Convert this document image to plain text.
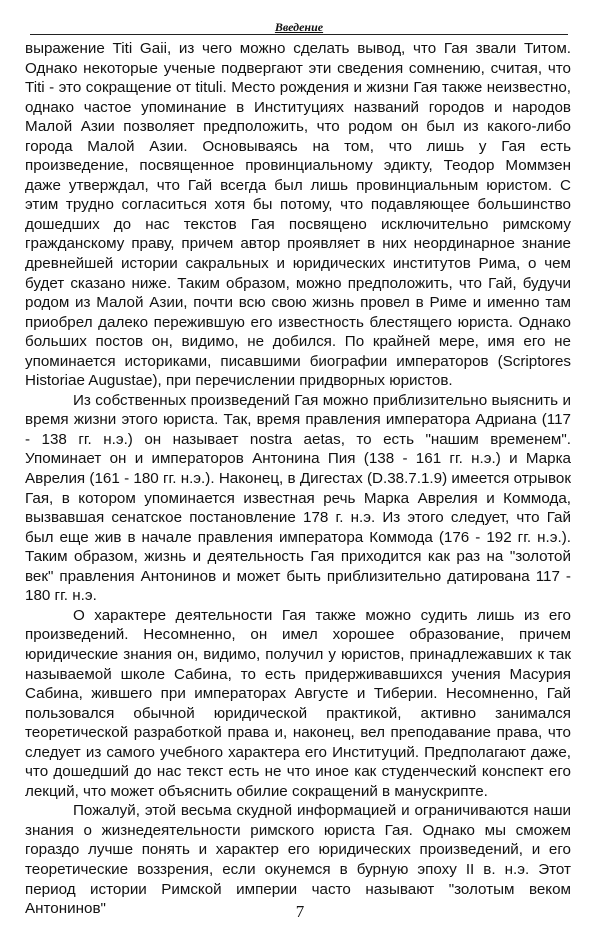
$_{Введение}$

выражение Titi Gaii, из чего можно сделать вывод, что Гая звали Титом. Однако некоторые ученые подвергают эти сведения сомнению, считая, что Titi - это сокращение от tituli. Место рождения и жизни Гая также неизвестно, однако частое упоминание в Институциях названий городов и народов Малой Азии позволяет предположить, что родом он был из какого-либо города Малой Азии. Основываясь на том, что лишь у Гая есть произведение, посвященное провинциальному эдикту, Теодор Моммзен даже утверждал, что Гай всегда был лишь провинциальным юристом. С этим трудно согласиться хотя бы потому, что подавляющее большинство дошедших до нас текстов Гая посвящено исключительно римскому гражданскому праву, причем автор проявляет в них неординарное знание древнейшей истории сакральных и юридических институтов Рима, о чем будет сказано ниже. Таким образом, можно предположить, что Гай, будучи родом из Малой Азии, почти всю свою жизнь провел в Риме и именно там приобрел далеко пережившую его известность блестящего юриста. Однако больших постов он, видимо, не добился. По крайней мере, имя его не упоминается историками, писавшими биографии императоров (Scriptores Historiae Augustae), при перечислении придворных юристов.

Из собственных произведений Гая можно приблизительно выяснить и время жизни этого юриста. Так, время правления императора Адриана (117 - 138 гг. н.э.) он называет nostra aetas, то есть "нашим временем". Упоминает он и императоров Антонина Пия (138 - 161 гг. н.э.) и Марка Аврелия (161 - 180 гг. н.э.). Наконец, в Дигестах (D.38.7.1.9) имеется отрывок Гая, в котором упоминается известная речь Марка Аврелия и Коммода, вызвавшая сенатское постановление 178 г. н.э. Из этого следует, что Гай был еще жив в начале правления императора Коммода (176 - 192 гг. н.э.). Таким образом, жизнь и деятельность Гая приходится как раз на "золотой век" правления Антонинов и может быть приблизительно датирована 117 - 180 гг. н.э.

О характере деятельности Гая также можно судить лишь из его произведений. Несомненно, он имел хорошее образование, причем юридические знания он, видимо, получил у юристов, принадлежавших к так называемой школе Сабина, то есть придерживавшихся учения Масурия Сабина, жившего при императорах Августе и Тиберии. Несомненно, Гай пользовался обычной юридической практикой, активно занимался теоретической разработкой права и, наконец, вел преподавание права, что следует из самого учебного характера его Институций. Предполагают даже, что дошедший до нас текст есть не что иное как студенческий конспект его лекций, что может объяснить обилие сокращений в манускрипте.

Пожалуй, этой весьма скудной информацией и ограничиваются наши знания о жизнедеятельности римского юриста Гая. Однако мы сможем гораздо лучше понять и характер его юридических произведений, и его теоретические воззрения, если окунемся в бурную эпоху II в. н.э. Этот период истории Римской империи часто называют "золотым веком Антонинов"	7
